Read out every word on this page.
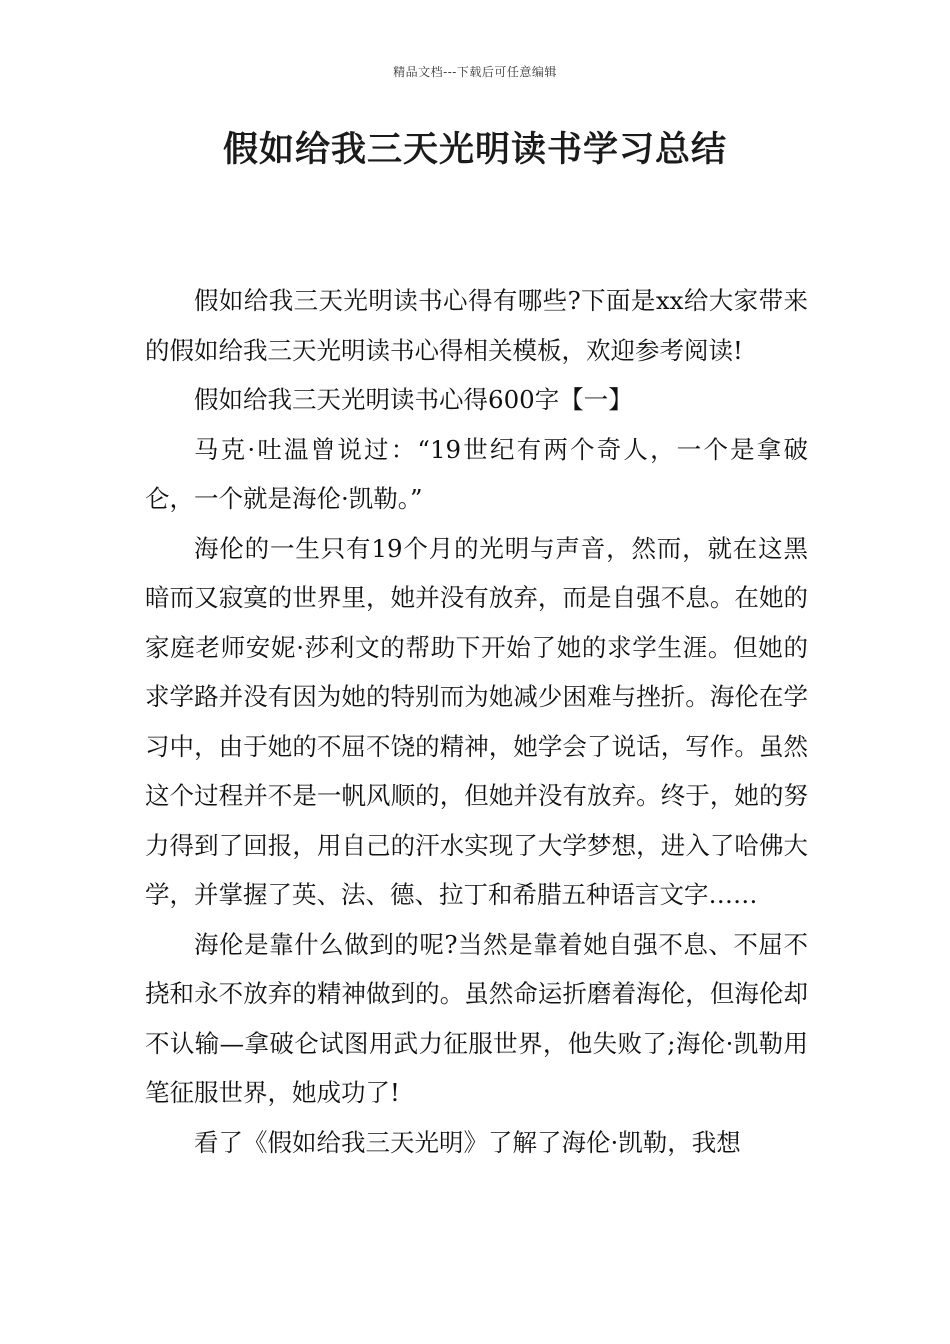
精品文档---下载后可任意编辑
假如给我三天光明读书学习总结

假如给我三天光明读书心得有哪些?下面是xx给大家带来的假如给我三天光明读书心得相关模板，欢迎参考阅读!

假如给我三天光明读书心得600字【一】

马克·吐温曾说过：“19世纪有两个奇人，一个是拿破仑，一个就是海伦·凯勒。”

海伦的一生只有19个月的光明与声音，然而，就在这黑暗而又寂寞的世界里，她并没有放弃，而是自强不息。在她的家庭老师安妮·莎利文的帮助下开始了她的求学生涯。但她的求学路并没有因为她的特别而为她减少困难与挫折。海伦在学习中，由于她的不屈不饶的精神，她学会了说话，写作。虽然这个过程并不是一帆风顺的，但她并没有放弃。终于，她的努力得到了回报，用自己的汗水实现了大学梦想，进入了哈佛大学，并掌握了英、法、德、拉丁和希腊五种语言文字……

海伦是靠什么做到的呢?当然是靠着她自强不息、不屈不挠和永不放弃的精神做到的。虽然命运折磨着海伦，但海伦却不认输—拿破仑试图用武力征服世界，他失败了;海伦·凯勒用笔征服世界，她成功了!

看了《假如给我三天光明》了解了海伦·凯勒，我想
